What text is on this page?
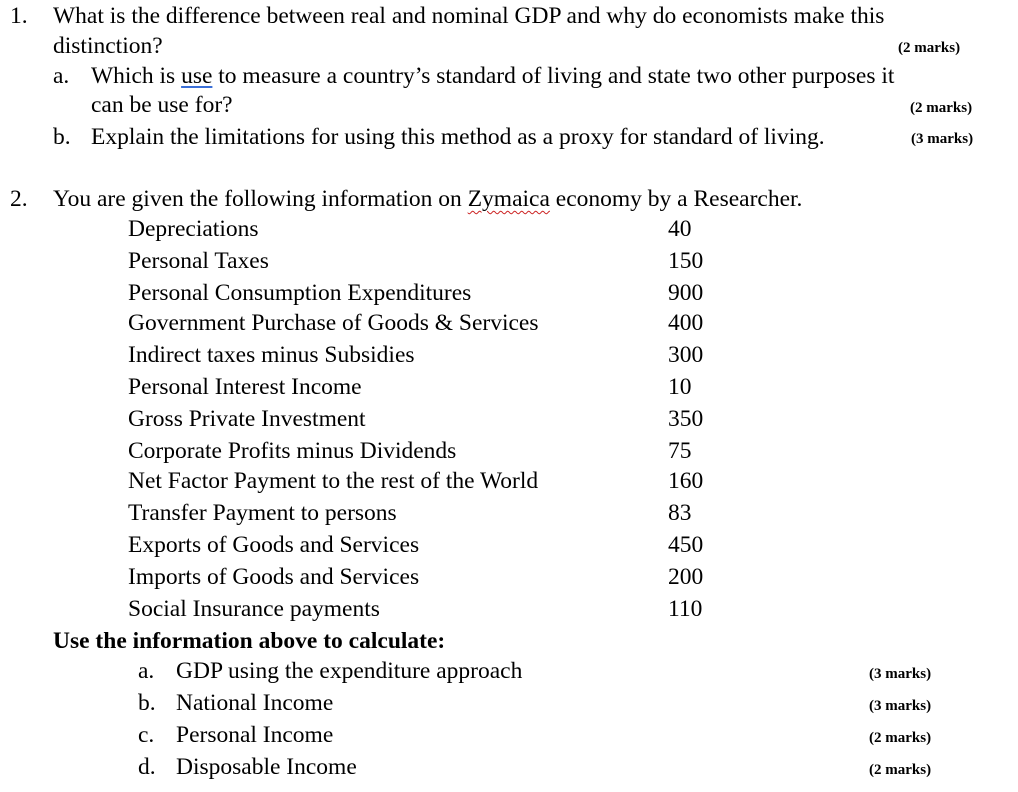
1. What is the difference between real and nominal GDP and why do economists make this
distinction?	(2 marks)
a. Which is use to measure a country’s standard of living and state two other purposes it
can be use for?	(2 marks)
b. Explain the limitations for using this method as a proxy for standard of living.	(3 marks)
2. You are given the following information on Zymaica economy by a Researcher.
Depreciations	40
Personal Taxes	150
Personal Consumption Expenditures	900
Government Purchase of Goods & Services	400
Indirect taxes minus Subsidies	300
Personal Interest Income	10
Gross Private Investment	350
Corporate Profits minus Dividends	75
Net Factor Payment to the rest of the World	160
Transfer Payment to persons	83
Exports of Goods and Services	450
Imports of Goods and Services	200
Social Insurance payments	110
Use the information above to calculate:
a. GDP using the expenditure approach	(3 marks)
b. National Income	(3 marks)
c. Personal Income	(2 marks)
d. Disposable Income	(2 marks)
